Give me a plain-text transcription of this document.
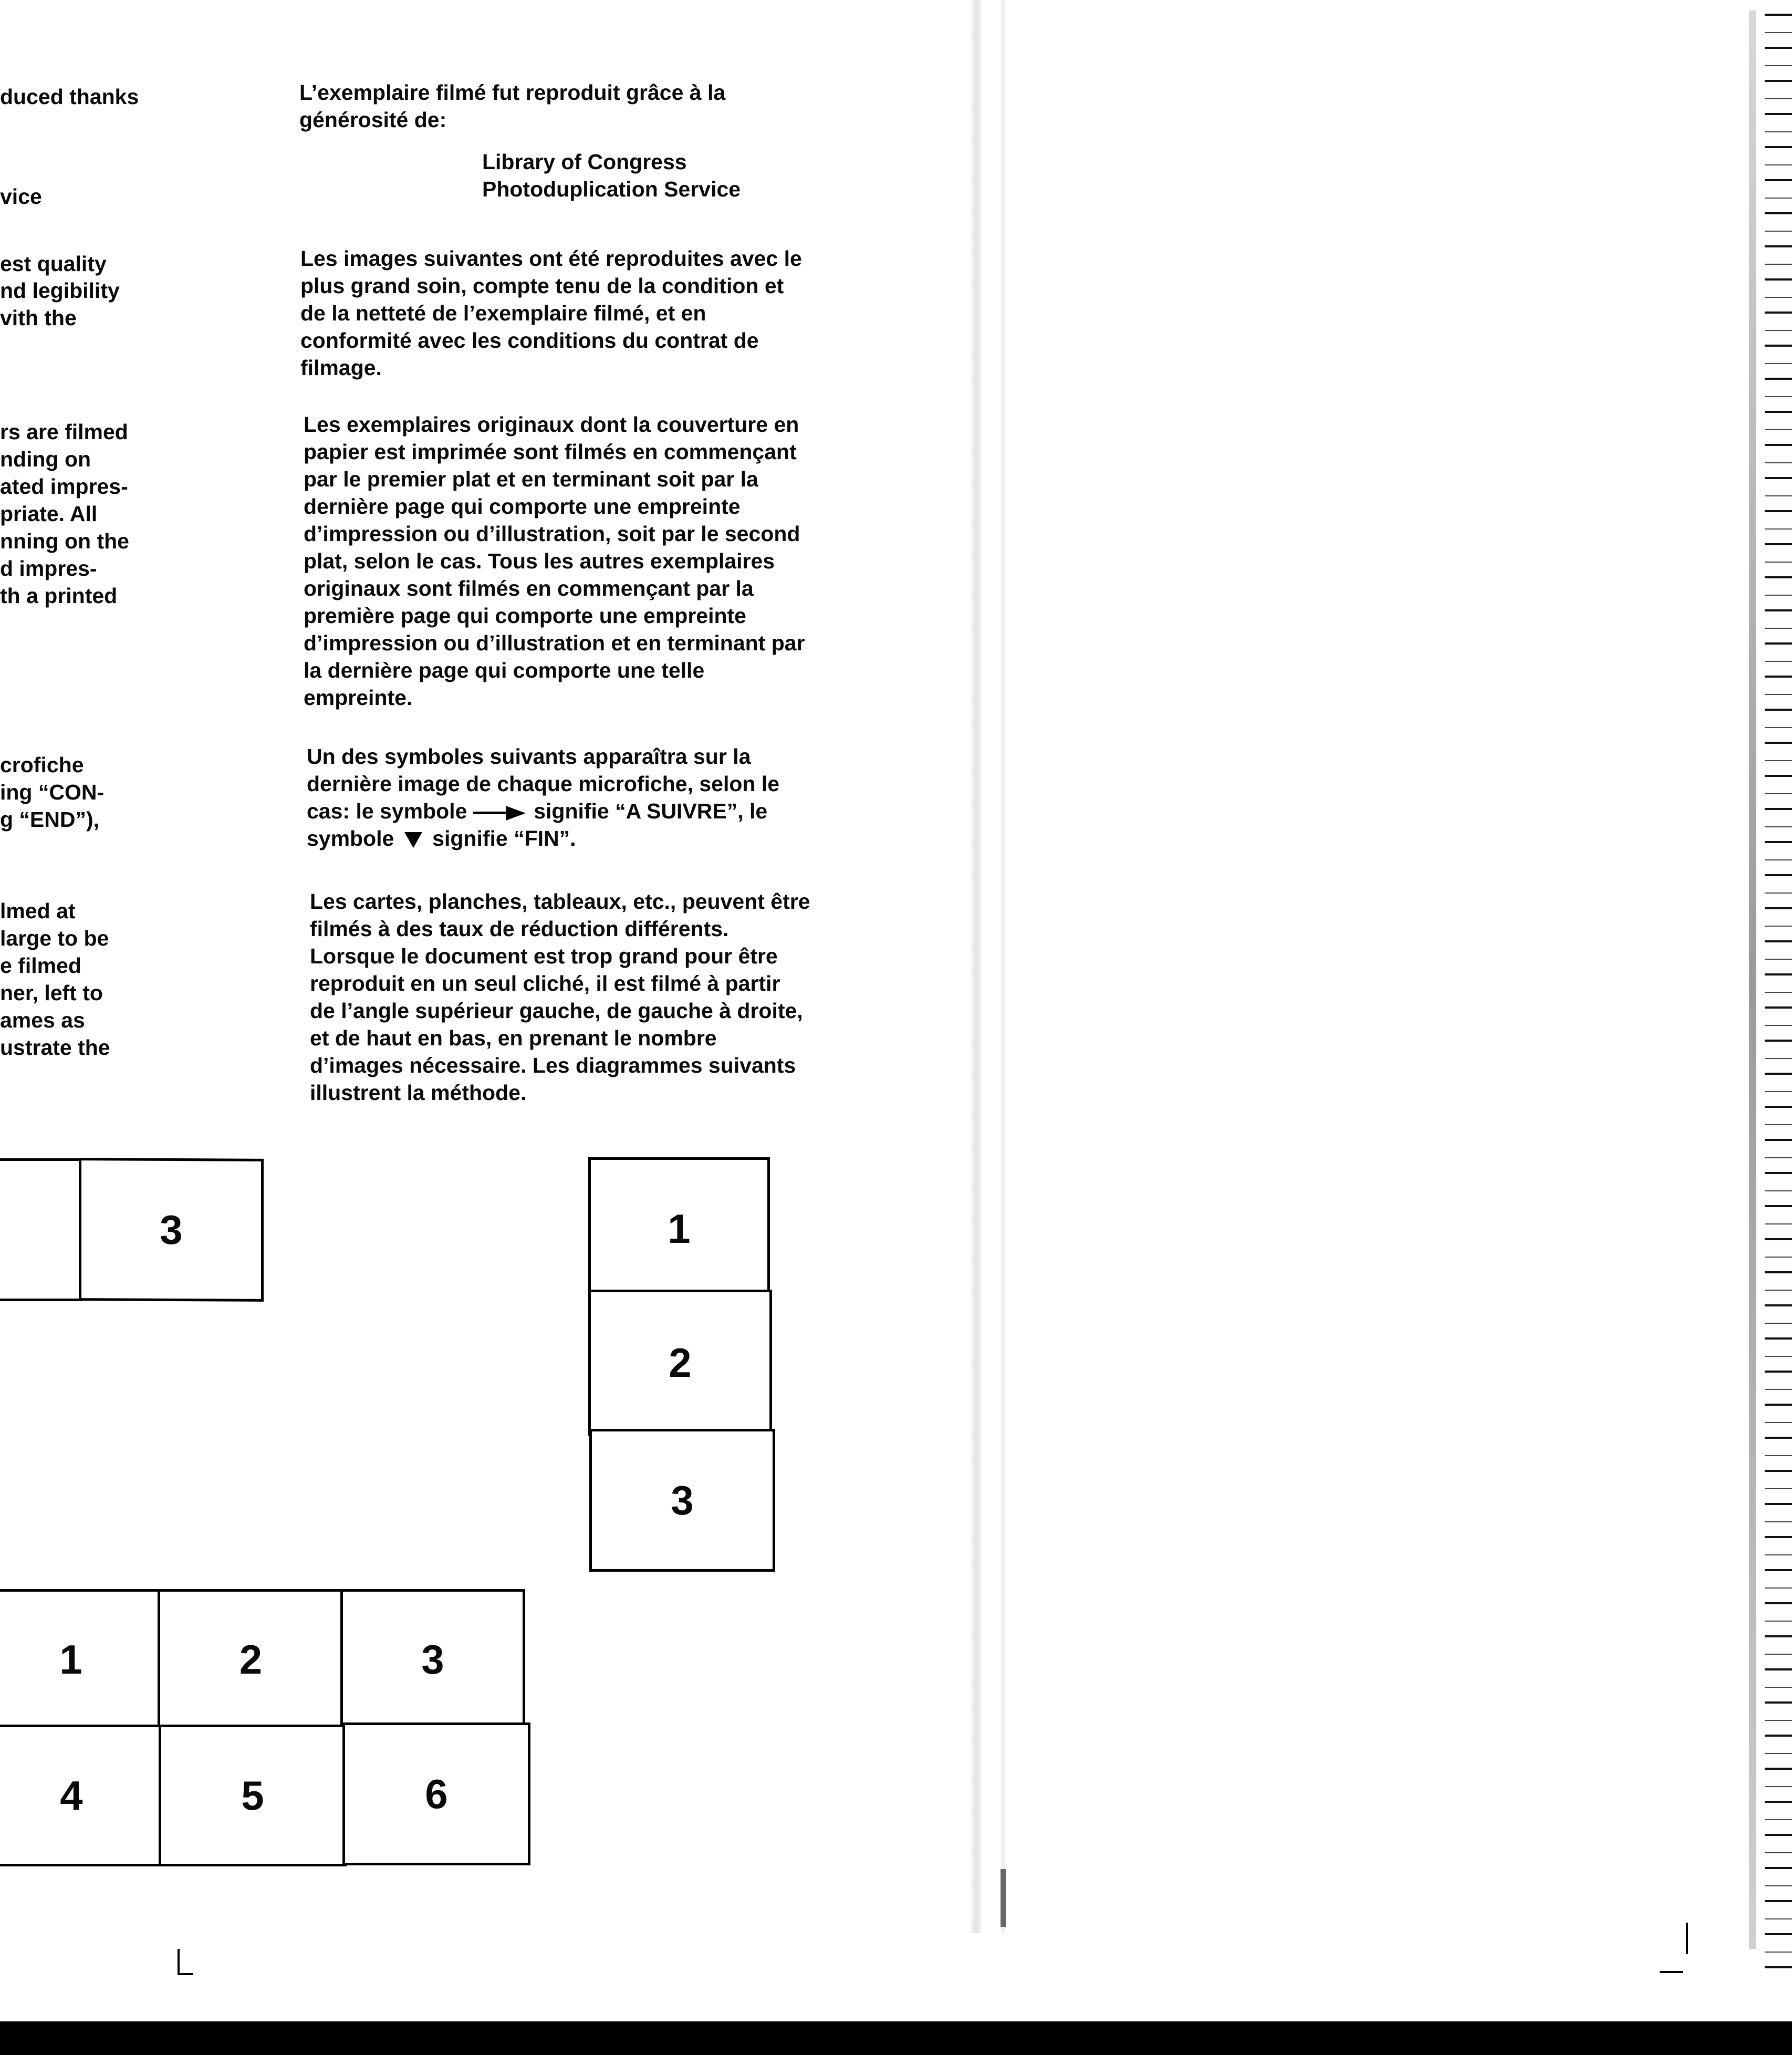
duced thanks
vice
est quality
nd legibility
vith the
rs are filmed
nding on
ated impres-
priate. All
nning on the
d impres-
th a printed
crofiche
ing “CON-
g “END”),
lmed at
large to be
e filmed
ner, left to
ames as
ustrate the

L’exemplaire filmé fut reproduit grâce à la

générosité de:

Library of Congress

Photoduplication Service

Les images suivantes ont été reproduites avec le

plus grand soin, compte tenu de la condition et

de la netteté de l’exemplaire filmé, et en

conformité avec les conditions du contrat de

filmage.

Les exemplaires originaux dont la couverture en

papier est imprimée sont filmés en commençant

par le premier plat et en terminant soit par la

dernière page qui comporte une empreinte

d’impression ou d’illustration, soit par le second

plat, selon le cas. Tous les autres exemplaires

originaux sont filmés en commençant par la

première page qui comporte une empreinte

d’impression ou d’illustration et en terminant par

la dernière page qui comporte une telle

empreinte.

Un des symboles suivants apparaîtra sur la

dernière image de chaque microfiche, selon le

cas: le symbole	signifie “A SUIVRE”, le

symbole signifie “FIN”.

Les cartes, planches, tableaux, etc., peuvent être

filmés à des taux de réduction différents.

Lorsque le document est trop grand pour être

reproduit en un seul cliché, il est filmé à partir

de l’angle supérieur gauche, de gauche à droite,

et de haut en bas, en prenant le nombre

d’images nécessaire. Les diagrammes suivants

illustrent la méthode.

3	1
2
3
1	2	3
4	5	6
